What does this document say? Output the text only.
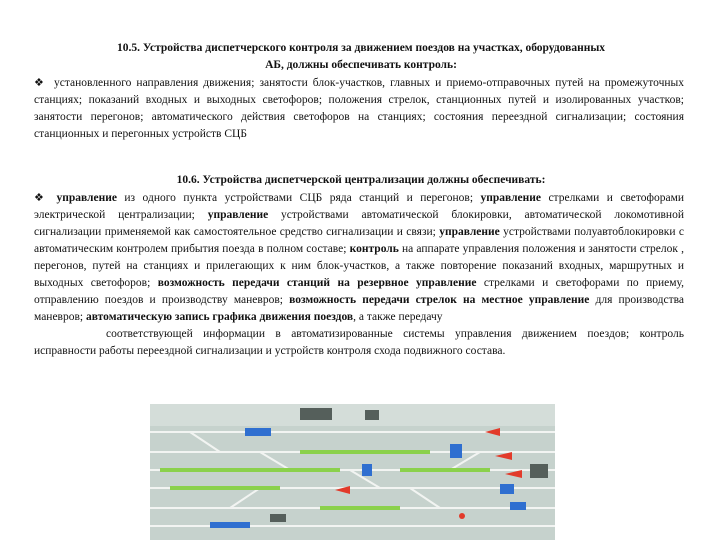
10.5. Устройства диспетчерского контроля за движением поездов на участках, оборудованных
АБ, должны обеспечивать контроль:
❖ установленного направления движения; занятости блок-участков, главных и приемо-отправочных путей на промежуточных станциях; показаний входных и выходных светофоров; положения стрелок, станционных путей и изолированных участков; занятости перегонов; автоматического действия светофоров на станциях; состояния переездной сигнализации; состояния станционных и перегонных устройств СЦБ
10.6. Устройства диспетчерской централизации должны обеспечивать:
❖ управление из одного пункта устройствами СЦБ ряда станций и перегонов; управление стрелками и светофорами электрической централизации; управление устройствами автоматической блокировки, автоматической локомотивной сигнализации применяемой как самостоятельное средство сигнализации и связи; управление устройствами полуавтоблокировки с автоматическим контролем прибытия поезда в полном составе; контроль на аппарате управления положения и занятости стрелок , перегонов, путей на станциях и прилегающих к ним блок-участков, а также повторение показаний входных, маршрутных и выходных светофоров; возможность передачи станций на резервное управление стрелками и светофорами по приему, отправлению поездов и производству маневров; возможность передачи стрелок на местное управление для производства маневров; автоматическую запись графика движения поездов, а также передачу
соответствующей информации в автоматизированные системы управления движением поездов; контроль исправности работы переездной сигнализации и устройств контроля схода подвижного состава.
